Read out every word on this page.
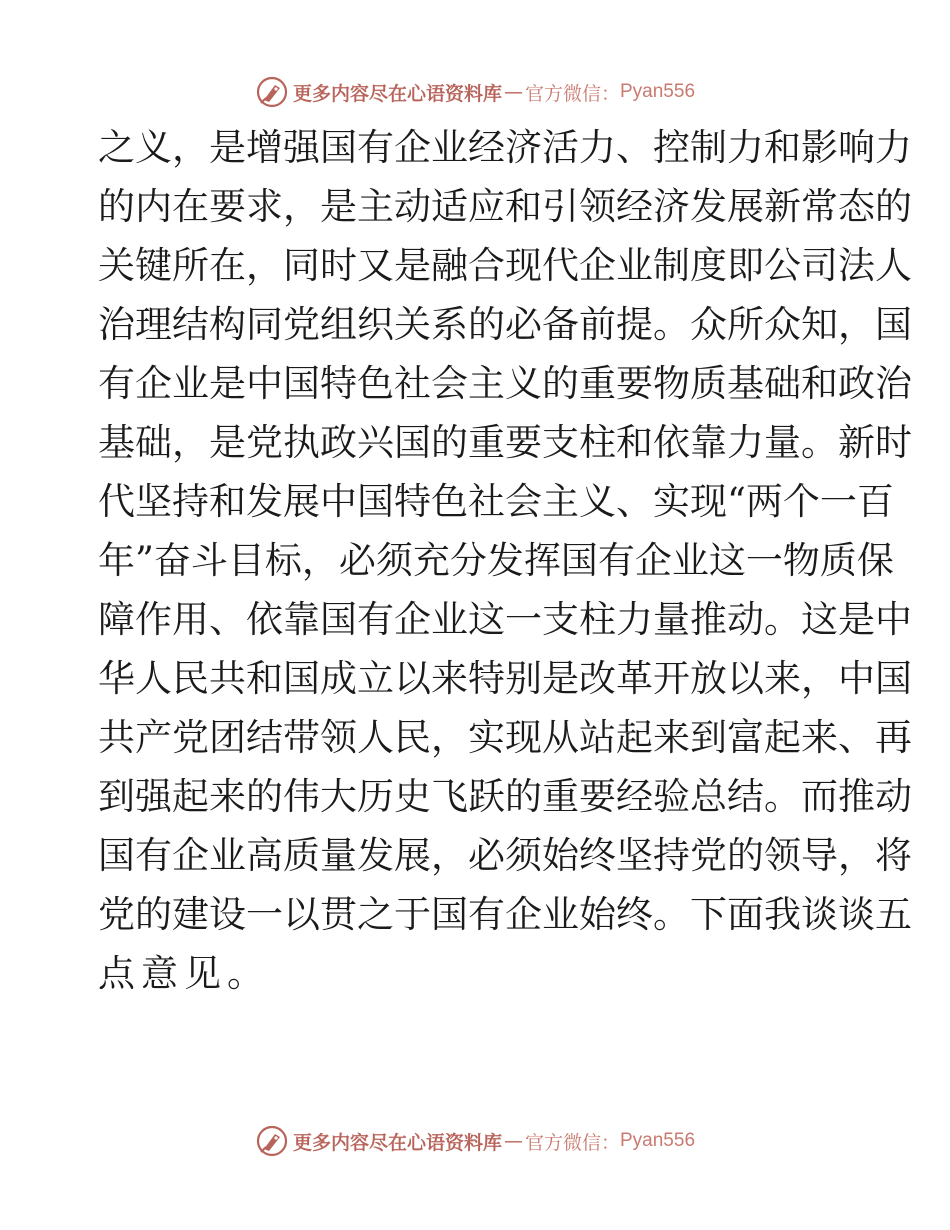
更多内容尽在心语资料库 — 官方微信： Pyan556
之义，是增强国有企业经济活力、控制力和影响力
的内在要求，是主动适应和引领经济发展新常态的
关键所在，同时又是融合现代企业制度即公司法人
治理结构同党组织关系的必备前提。众所众知，国
有企业是中国特色社会主义的重要物质基础和政治
基础，是党执政兴国的重要支柱和依靠力量。新时
代坚持和发展中国特色社会主义、实现“两个一百
年”奋斗目标，必须充分发挥国有企业这一物质保
障作用、依靠国有企业这一支柱力量推动。这是中
华人民共和国成立以来特别是改革开放以来，中国
共产党团结带领人民，实现从站起来到富起来、再
到强起来的伟大历史飞跃的重要经验总结。而推动
国有企业高质量发展，必须始终坚持党的领导，将
党的建设一以贯之于国有企业始终。下面我谈谈五
点意见。
更多内容尽在心语资料库 — 官方微信： Pyan556
